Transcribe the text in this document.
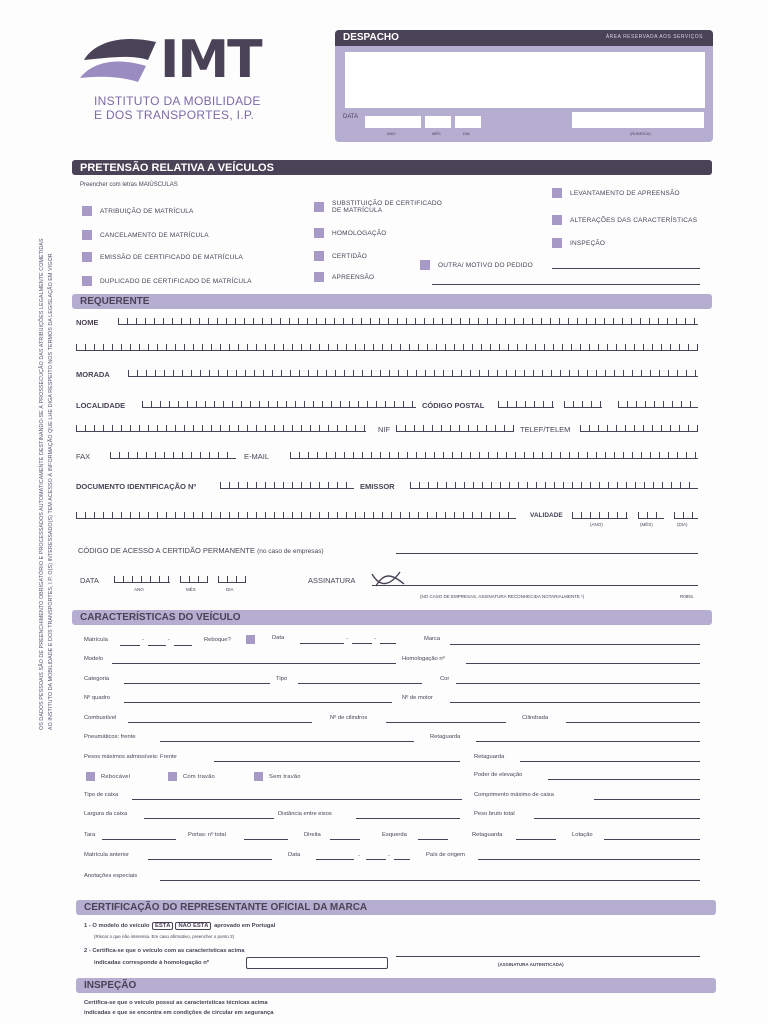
IMT
INSTITUTO DA MOBILIDADE
E DOS TRANSPORTES, I.P.
DESPACHO	ÁREA RESERVADA AOS SERVIÇOS
DATA
ANO	MÊS	DIA	(RUBRICA)
OS DADOS PESSOAIS SÃO DE PREENCHIMENTO OBRIGATÓRIO E PROCESSADOS AUTOMATICAMENTE DESTINANDO-SE À PROSSECUÇÃO DAS ATRIBUIÇÕES LEGALMENTE COMETIDAS AO INSTITUTO DA MOBILIDADE E DOS TRANSPORTES, I.P. O(S) INTERESSADO(S) TEM ACESSO À INFORMAÇÃO QUE LHE DIGA RESPEITO NOS TERMOS DA LEGISLAÇÃO EM VIGOR
PRETENSÃO RELATIVA A VEÍCULOS
Preencher com letras MAIÚSCULAS
ATRIBUIÇÃO DE MATRÍCULA
CANCELAMENTO DE MATRÍCULA
EMISSÃO DE CERTIFICADO DE MATRÍCULA
DUPLICADO DE CERTIFICADO DE MATRÍCULA
SUBSTITUIÇÃO DE CERTIFICADO
DE MATRÍCULA
HOMOLOGAÇÃO
CERTIDÃO
APREENSÃO
LEVANTAMENTO DE APREENSÃO
ALTERAÇÕES DAS CARACTERÍSTICAS
INSPEÇÃO
OUTRA/ MOTIVO DO PEDIDO
REQUERENTE
NOME
MORADA
LOCALIDADE	CÓDIGO POSTAL
NIF	TELEF/TELEM
FAX	E-MAIL
DOCUMENTO IDENTIFICAÇÃO Nº	EMISSOR
VALIDADE
(ANO)	(MÊS)	(DIA)
CÓDIGO DE ACESSO A CERTIDÃO PERMANENTE (no caso de empresas)
DATA
ANO	MÊS	DIA
ASSINATURA
(NO CASO DE EMPRESAS, ASSINATURA RECONHECIDA NOTARIALMENTE ¹)	R0891
CARACTERÍSTICAS DO VEÍCULO
Matrícula	-	-	Reboque?	Data	-	-	Marca
Modelo	Homologação nº
Categoria	Tipo	Cor
Nº quadro	Nº de motor
Combustível	Nº de cilindros	Cilindrada
Pneumáticos: frente	Retaguarda
Pesos máximos admissíveis: Frente	Retaguarda
Rebocável	Com travão	Sem travão	Poder de elevação
Tipo de caixa	Comprimento máximo de caixa
Largura da caixa	Distância entre eixos	Peso bruto total
Tara	Portas: nº total	Direita	Esquerda	Retaguarda	Lotação
Matrícula anterior	Data	-	-	País de origem
Anotações especiais
CERTIFICAÇÃO DO REPRESENTANTE OFICIAL DA MARCA
1 - O modelo do veículo ESTÁ NÃO ESTÁ aprovado em Portugal
(Riscar o que não interessa. Em caso afirmativo, preencher o ponto 2)
2 - Certifica-se que o veículo com as características acima
indicadas corresponde à homologação nº	(ASSINATURA AUTENTICADA)
INSPEÇÃO
Certifica-se que o veículo possui as características técnicas acima
indicadas e que se encontra em condições de circular em segurança
